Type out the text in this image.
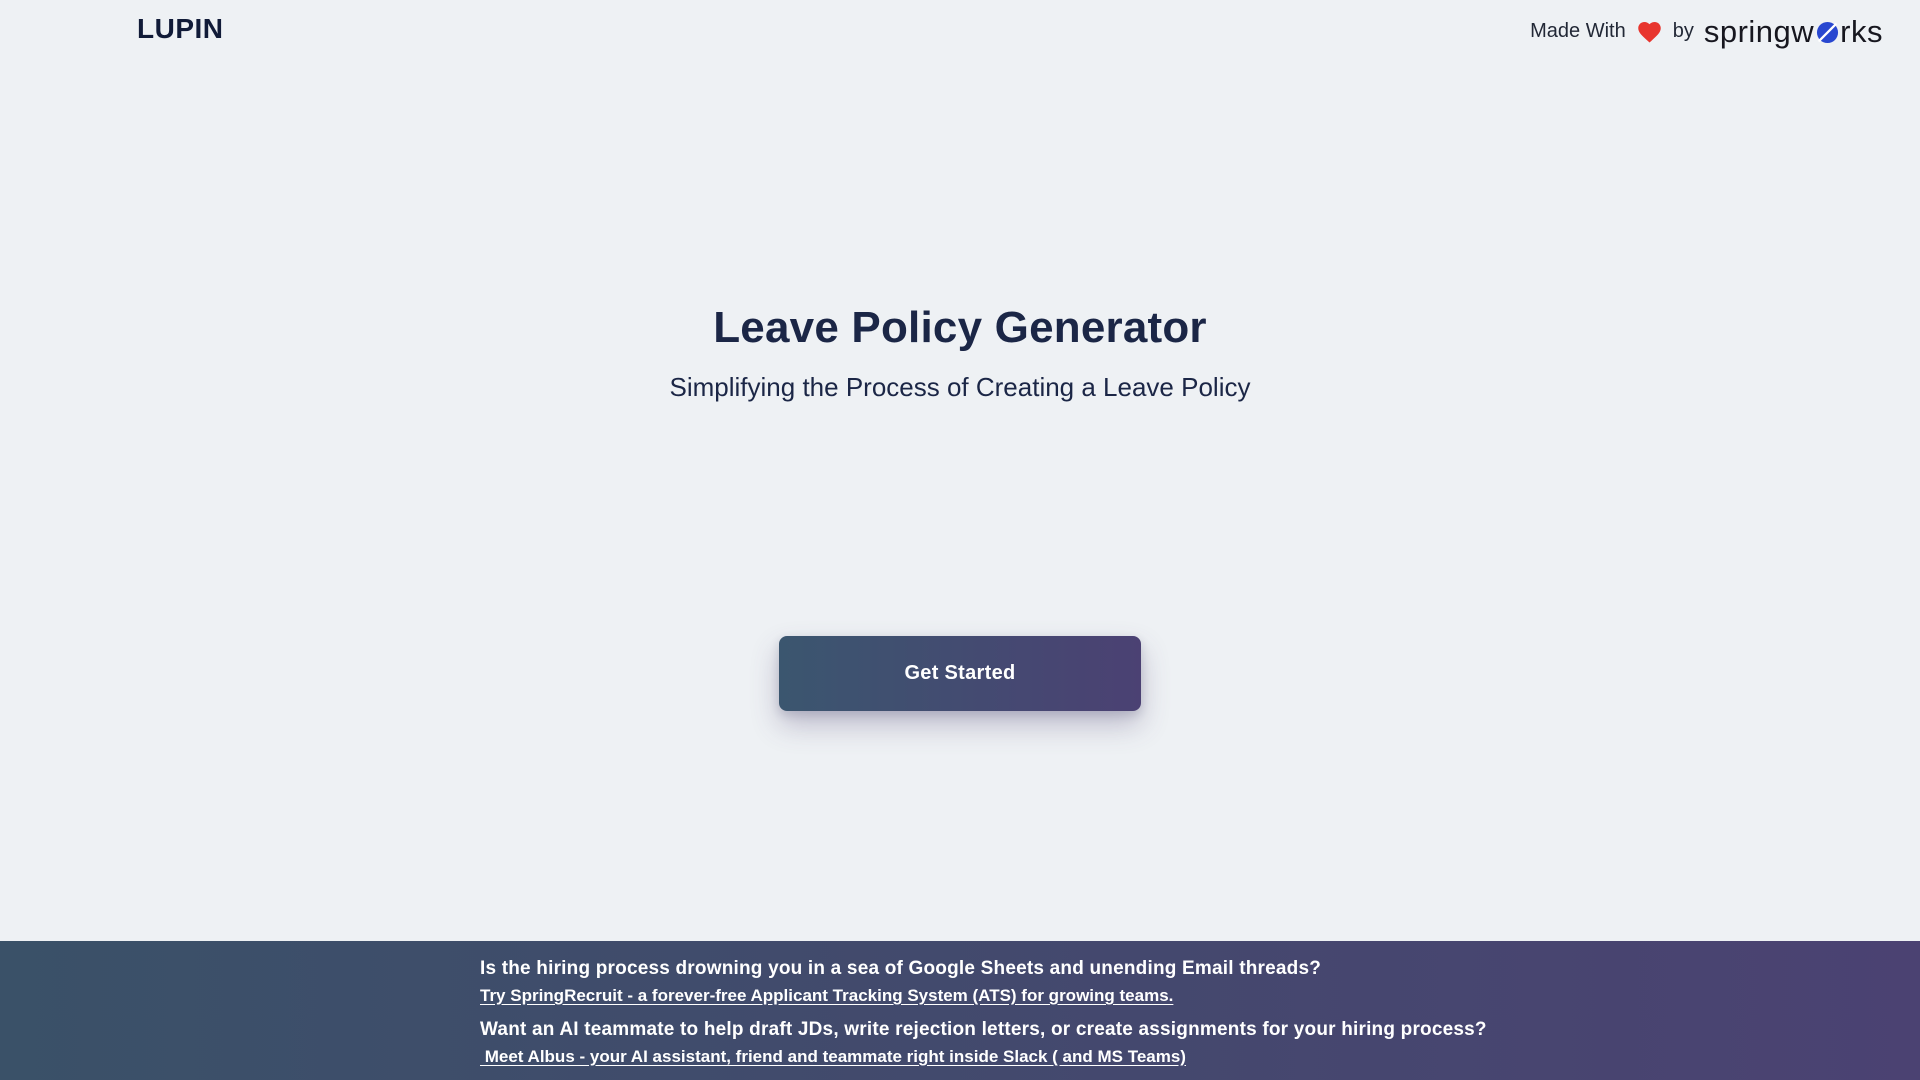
LUPIN	Made With by springw rks
Leave Policy Generator

Simplifying the Process of Creating a Leave Policy

Get Started

Is the hiring process drowning you in a sea of Google Sheets and unending Email threads?

Try SpringRecruit - a forever-free Applicant Tracking System (ATS) for growing teams.

Want an AI teammate to help draft JDs, write rejection letters, or create assignments for your hiring process?

Meet Albus - your AI assistant, friend and teammate right inside Slack ( and MS Teams)
